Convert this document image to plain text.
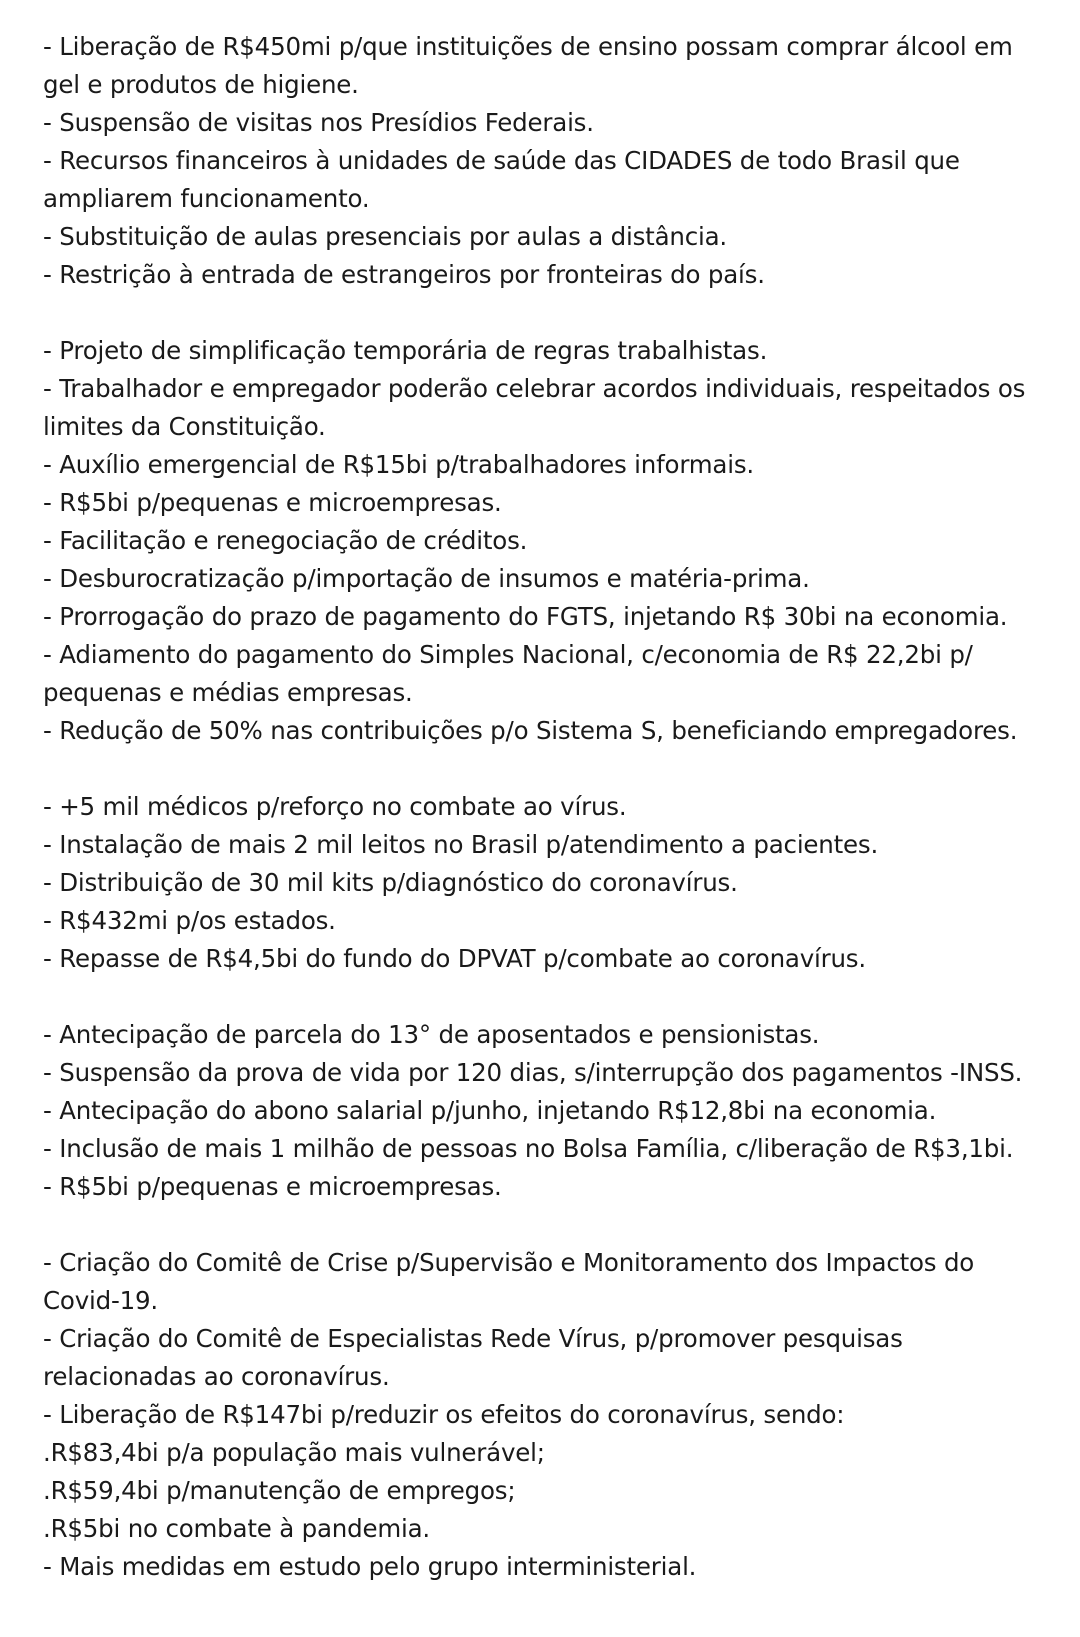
- Liberação de R$450mi p/que instituições de ensino possam comprar álcool em
gel e produtos de higiene.
- Suspensão de visitas nos Presídios Federais.
- Recursos financeiros à unidades de saúde das CIDADES de todo Brasil que
ampliarem funcionamento.
- Substituição de aulas presenciais por aulas a distância.
- Restrição à entrada de estrangeiros por fronteiras do país.
- Projeto de simplificação temporária de regras trabalhistas.
- Trabalhador e empregador poderão celebrar acordos individuais, respeitados os
limites da Constituição.
- Auxílio emergencial de R$15bi p/trabalhadores informais.
- R$5bi p/pequenas e microempresas.
- Facilitação e renegociação de créditos.
- Desburocratização p/importação de insumos e matéria-prima.
- Prorrogação do prazo de pagamento do FGTS, injetando R$ 30bi na economia.
- Adiamento do pagamento do Simples Nacional, c/economia de R$ 22,2bi p/
pequenas e médias empresas.
- Redução de 50% nas contribuições p/o Sistema S, beneficiando empregadores.
- +5 mil médicos p/reforço no combate ao vírus.
- Instalação de mais 2 mil leitos no Brasil p/atendimento a pacientes.
- Distribuição de 30 mil kits p/diagnóstico do coronavírus.
- R$432mi p/os estados.
- Repasse de R$4,5bi do fundo do DPVAT p/combate ao coronavírus.
- Antecipação de parcela do 13° de aposentados e pensionistas.
- Suspensão da prova de vida por 120 dias, s/interrupção dos pagamentos -INSS.
- Antecipação do abono salarial p/junho, injetando R$12,8bi na economia.
- Inclusão de mais 1 milhão de pessoas no Bolsa Família, c/liberação de R$3,1bi.
- R$5bi p/pequenas e microempresas.
- Criação do Comitê de Crise p/Supervisão e Monitoramento dos Impactos do
Covid-19.
- Criação do Comitê de Especialistas Rede Vírus, p/promover pesquisas
relacionadas ao coronavírus.
- Liberação de R$147bi p/reduzir os efeitos do coronavírus, sendo:
.R$83,4bi p/a população mais vulnerável;
.R$59,4bi p/manutenção de empregos;
.R$5bi no combate à pandemia.
- Mais medidas em estudo pelo grupo interministerial.
